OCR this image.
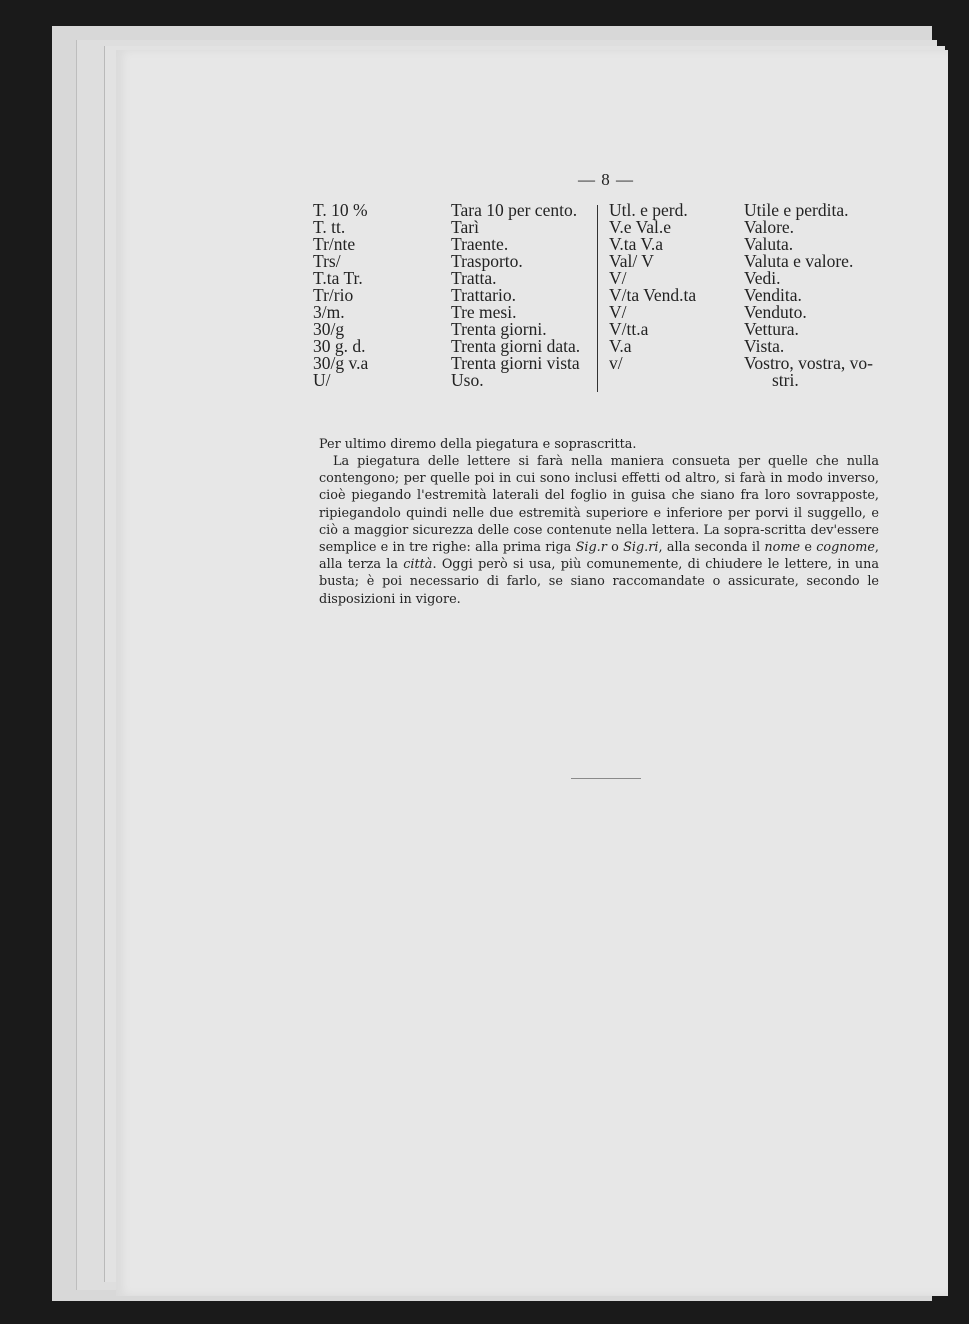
— 8 —
T. 10 %
T. tt.
Tr/nte
Trs/
T.ta Tr.
Tr/rio
3/m.
30/g
30 g. d.
30/g v.a
U/
Tara 10 per cento.
Tarì
Traente.
Trasporto.
Tratta.
Trattario.
Tre mesi.
Trenta giorni.
Trenta giorni data.
Trenta giorni vista
Uso.
Utl. e perd.
V.e Val.e
V.ta V.a
Val/ V
V/
V/ta Vend.ta
V/
V/tt.a
V.a
v/
Utile e perdita.
Valore.
Valuta.
Valuta e valore.
Vedi.
Vendita.
Venduto.
Vettura.
Vista.
Vostro, vostra, vo-
stri.
Per ultimo diremo della piegatura e soprascritta.
La piegatura delle lettere si farà nella maniera consueta per quelle che nulla contengono; per quelle poi in cui sono inclusi effetti od altro, si farà in modo inverso, cioè piegando l'estremità laterali del foglio in guisa che siano fra loro sovrapposte, ripiegandolo quindi nelle due estremità superiore e inferiore per porvi il suggello, e ciò a maggior sicurezza delle cose contenute nella lettera. La sopra-scritta dev'essere semplice e in tre righe: alla prima riga Sig.r o Sig.ri, alla seconda il nome e cognome, alla terza la città. Oggi però si usa, più comunemente, di chiudere le lettere, in una busta; è poi necessario di farlo, se siano raccomandate o assicurate, secondo le disposizioni in vigore.
